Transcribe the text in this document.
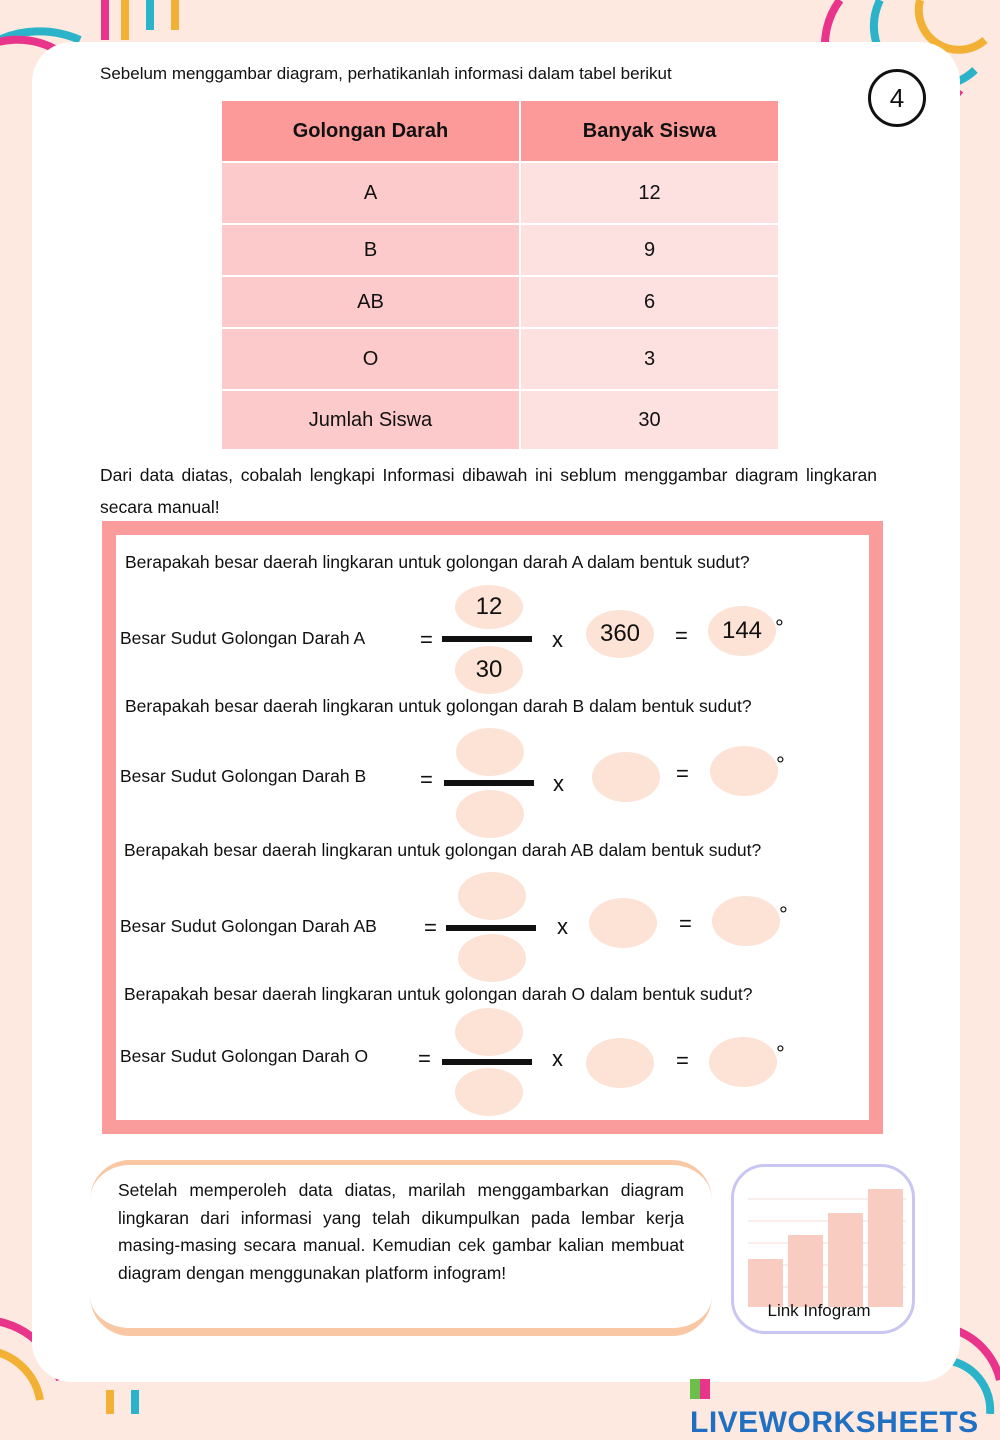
Sebelum menggambar diagram, perhatikanlah informasi dalam tabel berikut
4
Golongan Darah	Banyak Siswa
A	12
B	9
AB	6
O	3
Jumlah Siswa	30
Dari data diatas, cobalah lengkapi Informasi dibawah ini seblum menggambar diagram lingkaran secara manual!
Berapakah besar daerah lingkaran untuk golongan darah A dalam bentuk sudut?
Besar Sudut Golongan Darah A =
12
30	x
360	=
144	°
Berapakah besar daerah lingkaran untuk golongan darah B dalam bentuk sudut?
Besar Sudut Golongan Darah B =	x	=	°
Berapakah besar daerah lingkaran untuk golongan darah AB dalam bentuk sudut?
Besar Sudut Golongan Darah AB =	x	=	°
Berapakah besar daerah lingkaran untuk golongan darah O dalam bentuk sudut?
Besar Sudut Golongan Darah O =	x	=	°
Setelah memperoleh data diatas, marilah menggambarkan diagram lingkaran dari informasi yang telah dikumpulkan pada lembar kerja masing-masing secara manual. Kemudian cek gambar kalian membuat diagram dengan menggunakan platform infogram!
Link Infogram
LIVEWORKSHEETS
